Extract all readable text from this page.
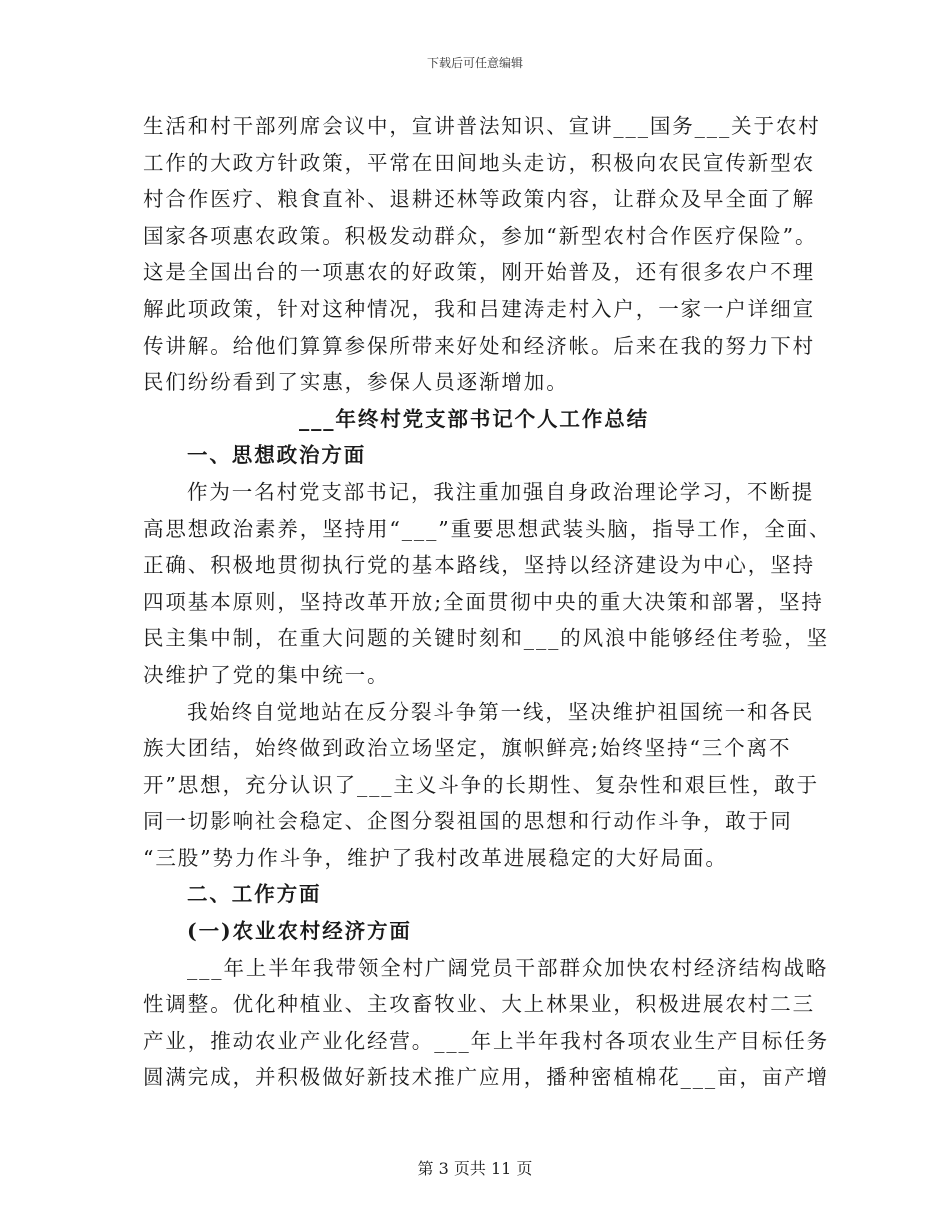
下载后可任意编辑
生活和村干部列席会议中，宣讲普法知识、宣讲___国务___关于农村
工作的大政方针政策，平常在田间地头走访，积极向农民宣传新型农
村合作医疗、粮食直补、退耕还林等政策内容，让群众及早全面了解
国家各项惠农政策。积极发动群众，参加“新型农村合作医疗保险”。
这是全国出台的一项惠农的好政策，刚开始普及，还有很多农户不理
解此项政策，针对这种情况，我和吕建涛走村入户，一家一户详细宣
传讲解。给他们算算参保所带来好处和经济帐。后来在我的努力下村
民们纷纷看到了实惠，参保人员逐渐增加。
___年终村党支部书记个人工作总结
一、思想政治方面
作为一名村党支部书记，我注重加强自身政治理论学习，不断提
高思想政治素养，坚持用“___”重要思想武装头脑，指导工作，全面、
正确、积极地贯彻执行党的基本路线，坚持以经济建设为中心，坚持
四项基本原则，坚持改革开放;全面贯彻中央的重大决策和部署，坚持
民主集中制，在重大问题的关键时刻和___的风浪中能够经住考验，坚
决维护了党的集中统一。
我始终自觉地站在反分裂斗争第一线，坚决维护祖国统一和各民
族大团结，始终做到政治立场坚定，旗帜鲜亮;始终坚持“三个离不
开”思想，充分认识了___主义斗争的长期性、复杂性和艰巨性，敢于
同一切影响社会稳定、企图分裂祖国的思想和行动作斗争，敢于同
“三股”势力作斗争，维护了我村改革进展稳定的大好局面。
二、工作方面
(一)农业农村经济方面
___年上半年我带领全村广阔党员干部群众加快农村经济结构战略
性调整。优化种植业、主攻畜牧业、大上林果业，积极进展农村二三
产业，推动农业产业化经营。___年上半年我村各项农业生产目标任务
圆满完成，并积极做好新技术推广应用，播种密植棉花___亩，亩产增
第 3 页共 11 页
